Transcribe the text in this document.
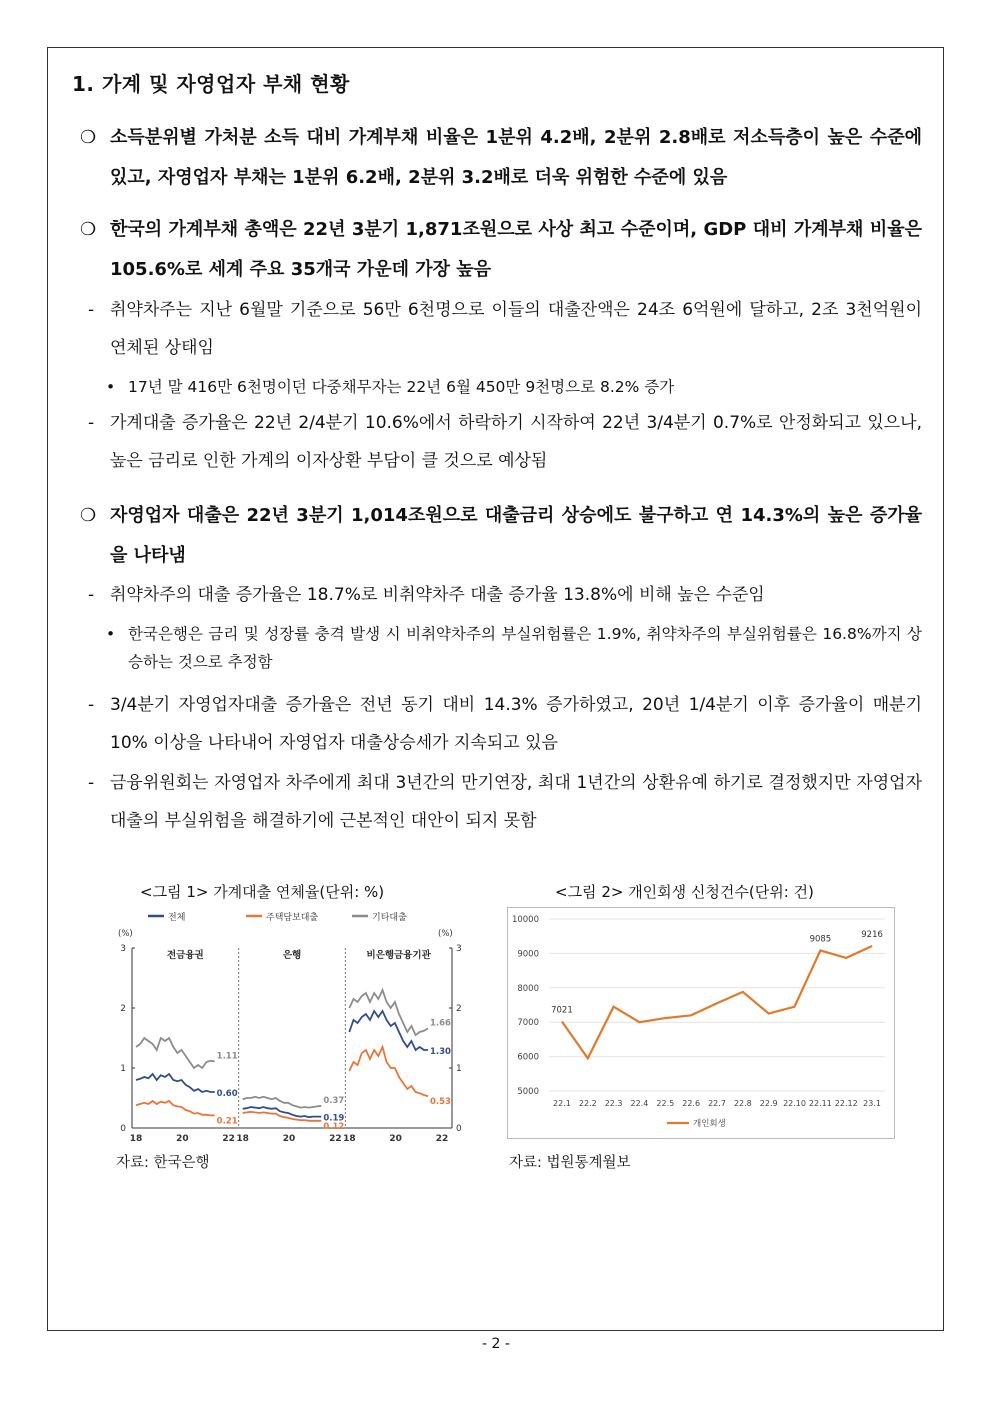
1. 가계 및 자영업자 부채 현황
❍ 소득분위별 가처분 소득 대비 가계부채 비율은 1분위 4.2배, 2분위 2.8배로 저소득층이 높은 수준에 있고, 자영업자 부채는 1분위 6.2배, 2분위 3.2배로 더욱 위험한 수준에 있음
❍ 한국의 가계부채 총액은 22년 3분기 1,871조원으로 사상 최고 수준이며, GDP 대비 가계부채 비율은 105.6%로 세계 주요 35개국 가운데 가장 높음
- 취약차주는 지난 6월말 기준으로 56만 6천명으로 이들의 대출잔액은 24조 6억원에 달하고, 2조 3천억원이 연체된 상태임
• 17년 말 416만 6천명이던 다중채무자는 22년 6월 450만 9천명으로 8.2% 증가
- 가계대출 증가율은 22년 2/4분기 10.6%에서 하락하기 시작하여 22년 3/4분기 0.7%로 안정화되고 있으나, 높은 금리로 인한 가계의 이자상환 부담이 클 것으로 예상됨
❍ 자영업자 대출은 22년 3분기 1,014조원으로 대출금리 상승에도 불구하고 연 14.3%의 높은 증가율을 나타냄
- 취약차주의 대출 증가율은 18.7%로 비취약차주 대출 증가율 13.8%에 비해 높은 수준임
• 한국은행은 금리 및 성장률 충격 발생 시 비취약차주의 부실위험률은 1.9%, 취약차주의 부실위험률은 16.8%까지 상승하는 것으로 추정함
- 3/4분기 자영업자대출 증가율은 전년 동기 대비 14.3% 증가하였고, 20년 1/4분기 이후 증가율이 매분기 10% 이상을 나타내어 자영업자 대출상승세가 지속되고 있음
- 금융위원회는 자영업자 차주에게 최대 3년간의 만기연장, 최대 1년간의 상환유예 하기로 결정했지만 자영업자 대출의 부실위험을 해결하기에 근본적인 대안이 되지 못함
<그림 1> 가계대출 연체율(단위: %)
전체	주택담보대출	기타대출
(%)	(%)
0	0
1	1
2	2
3	3
전금융권
18	20	22
1.11
0.60
0.21
은행
18	20	22
0.37
0.19
0.12
비은행금융기관
18	20	22
1.66
1.30
0.53
자료: 한국은행
<그림 2> 개인회생 신청건수(단위: 건)
5000
6000
7000
8000
9000
10000
22.1 22.2 22.3 22.4 22.5 22.6 22.7 22.8 22.9 22.10 22.11 22.12 23.1
7021
9085	9216
개인회생
자료: 법원통계월보
- 2 -
